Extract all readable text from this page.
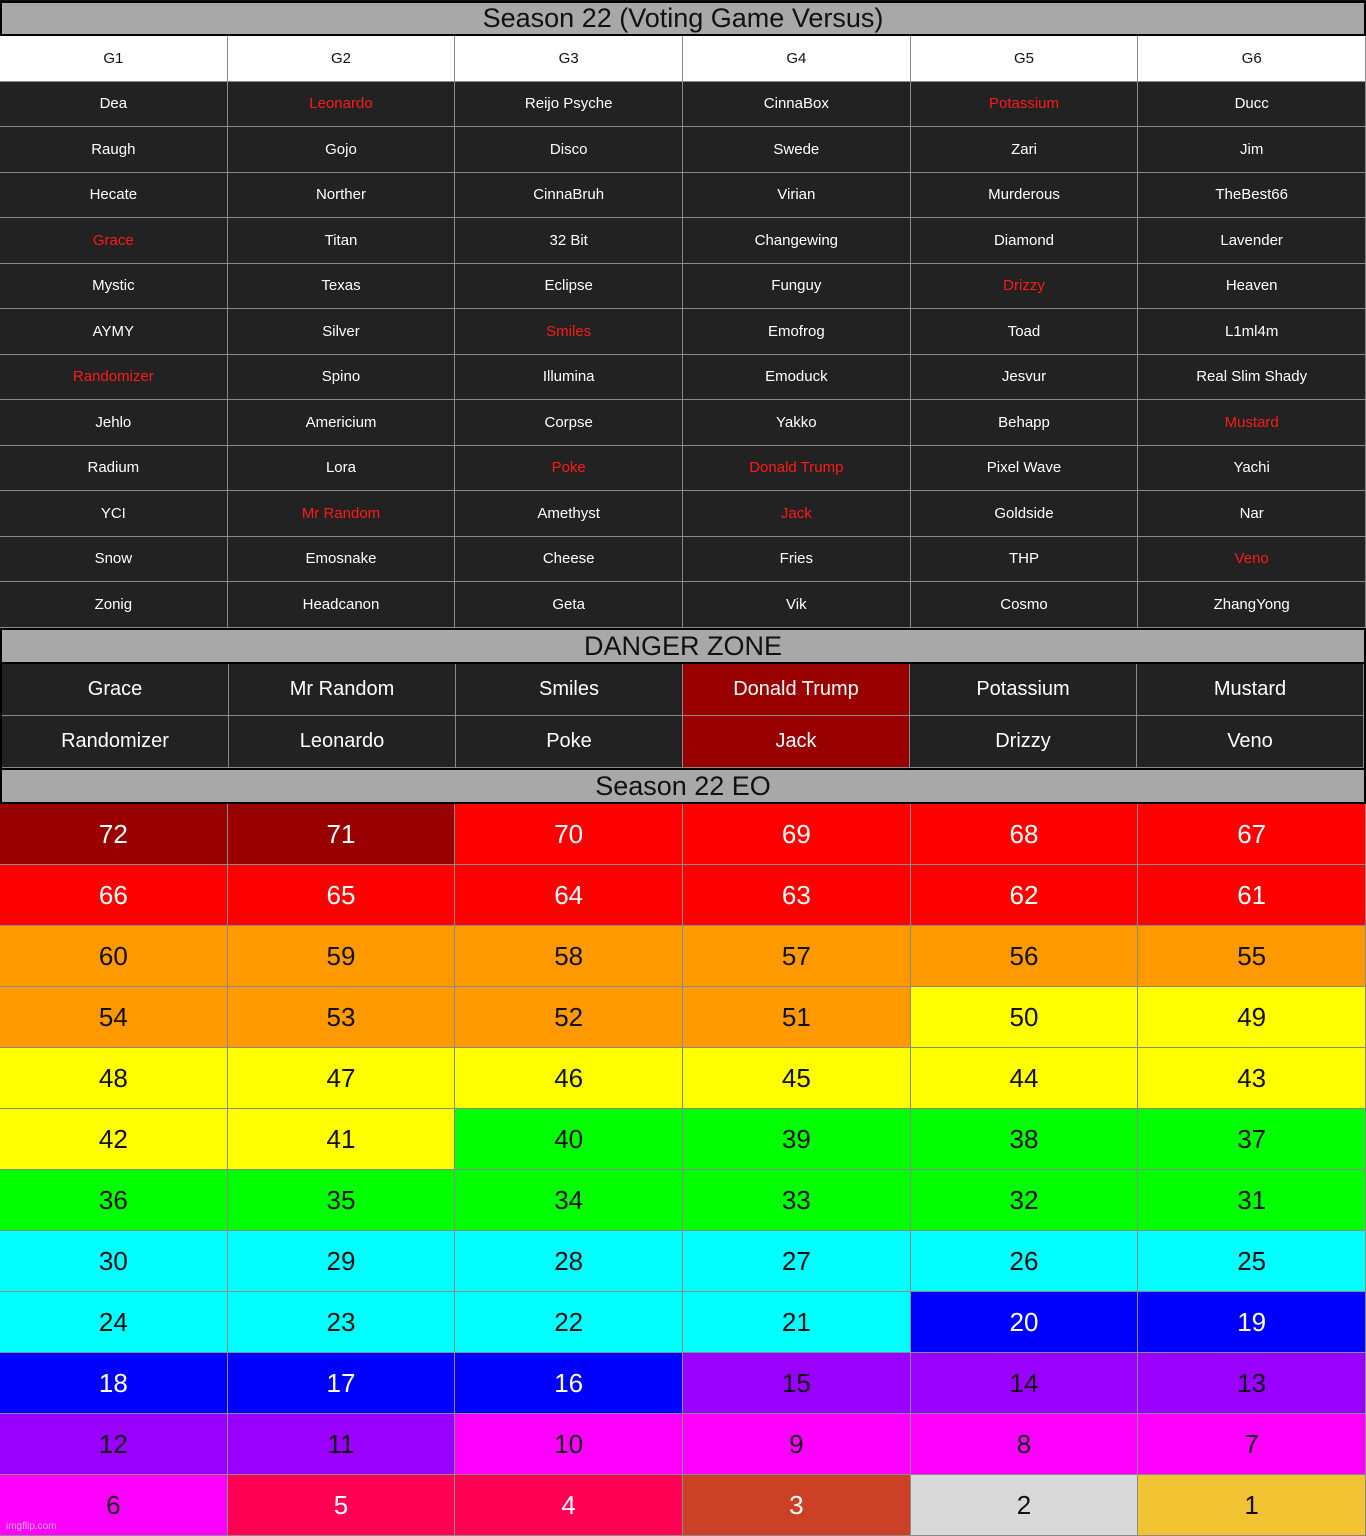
Season 22 (Voting Game Versus)
G1	G2	G3	G4	G5	G6
Dea	Leonardo	Reijo Psyche	CinnaBox	Potassium	Ducc
Raugh	Gojo	Disco	Swede	Zari	Jim
Hecate	Norther	CinnaBruh	Virian	Murderous	TheBest66
Grace	Titan	32 Bit	Changewing	Diamond	Lavender
Mystic	Texas	Eclipse	Funguy	Drizzy	Heaven
AYMY	Silver	Smiles	Emofrog	Toad	L1ml4m
Randomizer	Spino	Illumina	Emoduck	Jesvur	Real Slim Shady
Jehlo	Americium	Corpse	Yakko	Behapp	Mustard
Radium	Lora	Poke	Donald Trump	Pixel Wave	Yachi
YCI	Mr Random	Amethyst	Jack	Goldside	Nar
Snow	Emosnake	Cheese	Fries	THP	Veno
Zonig	Headcanon	Geta	Vik	Cosmo	ZhangYong
DANGER ZONE
Grace	Mr Random	Smiles	Donald Trump	Potassium	Mustard
Randomizer	Leonardo	Poke	Jack	Drizzy	Veno
Season 22 EO
72	71	70	69	68	67
66	65	64	63	62	61
60	59	58	57	56	55
54	53	52	51	50	49
48	47	46	45	44	43
42	41	40	39	38	37
36	35	34	33	32	31
30	29	28	27	26	25
24	23	22	21	20	19
18	17	16	15	14	13
12	11	10	9	8	7
6	5	4	3	2	1
imgflip.com
